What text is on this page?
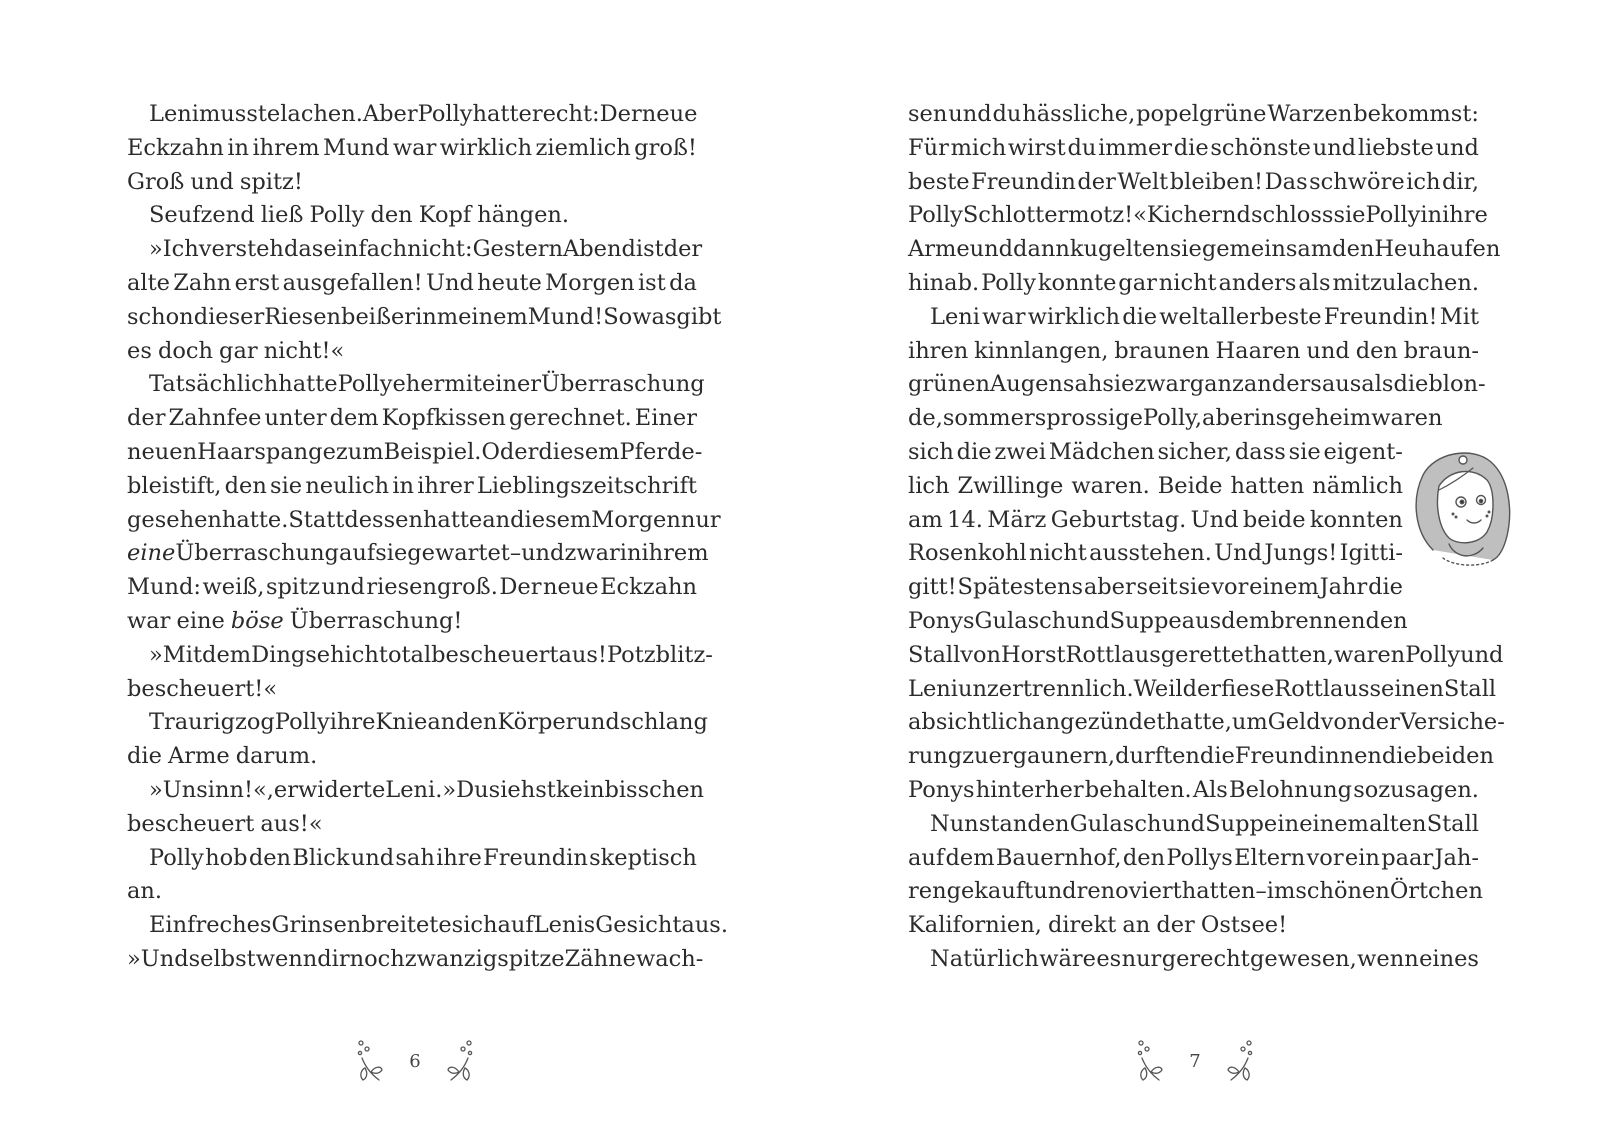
Leni musste lachen. Aber Polly hatte recht: Der neue
Eckzahn in ihrem Mund war wirklich ziemlich groß!
Groß und spitz!
Seufzend ließ Polly den Kopf hängen.
»Ich versteh das einfach nicht: Gestern Abend ist der
alte Zahn erst ausgefallen! Und heute Morgen ist da
schon dieser Riesenbeißer in meinem Mund! So was gibt
es doch gar nicht!«
Tatsächlich hatte Polly eher mit einer Überraschung
der Zahnfee unter dem Kopfkissen gerechnet. Einer
neuen Haarspange zum Beispiel. Oder diesem Pferde-
bleistift, den sie neulich in ihrer Lieblingszeitschrift
gesehen hatte. Stattdessen hatte an diesem Morgen nur
eine Überraschung auf sie gewartet – und zwar in ihrem
Mund: weiß, spitz und riesengroß. Der neue Eckzahn
war eine böse Überraschung!
»Mit dem Ding seh ich total bescheuert aus! Potzblitz-
bescheuert!«
Traurig zog Polly ihre Knie an den Körper und schlang
die Arme darum.
»Unsinn!«, erwiderte Leni. »Du siehst kein bisschen
bescheuert aus!«
Polly hob den Blick und sah ihre Freundin skeptisch
an.
Ein freches Grinsen breitete sich auf Lenis Gesicht aus.
»Und selbst wenn dir noch zwanzig spitze Zähne wach-
sen und du hässliche, popelgrüne Warzen bekommst:
Für mich wirst du immer die schönste und liebste und
beste Freundin der Welt bleiben! Das schwöre ich dir,
Polly Schlottermotz!« Kichernd schloss sie Polly in ihre
Arme und dann kugelten sie gemeinsam den Heuhaufen
hinab. Polly konnte gar nicht anders als mitzulachen.
Leni war wirklich die weltallerbeste Freundin! Mit
ihren kinnlangen, braunen Haaren und den braun-
grünen Augen sah sie zwar ganz anders aus als die blon-
de, sommersprossige Polly, aber insgeheim waren
sich die zwei Mädchen sicher, dass sie eigent-
lich Zwillinge waren. Beide hatten nämlich
am 14. März Geburtstag. Und beide konnten
Rosenkohl nicht ausstehen. Und Jungs! Igitti-
gitt! Spätestens aber seit sie vor einem Jahr die
Ponys Gulasch und Suppe aus dem brennenden
Stall von Horst Rottlaus gerettet hatten, waren Polly und
Leni unzertrennlich. Weil der fiese Rottlaus seinen Stall
absichtlich angezündet hatte, um Geld von der Versiche-
rung zu ergaunern, durften die Freundinnen die beiden
Ponys hinterher behalten. Als Belohnung sozusagen.
Nun standen Gulasch und Suppe in einem alten Stall
auf dem Bauernhof, den Pollys Eltern vor ein paar Jah-
ren gekauft und renoviert hatten – im schönen Örtchen
Kalifornien, direkt an der Ostsee!
Natürlich wäre es nur gerecht gewesen, wenn eines
6	7
